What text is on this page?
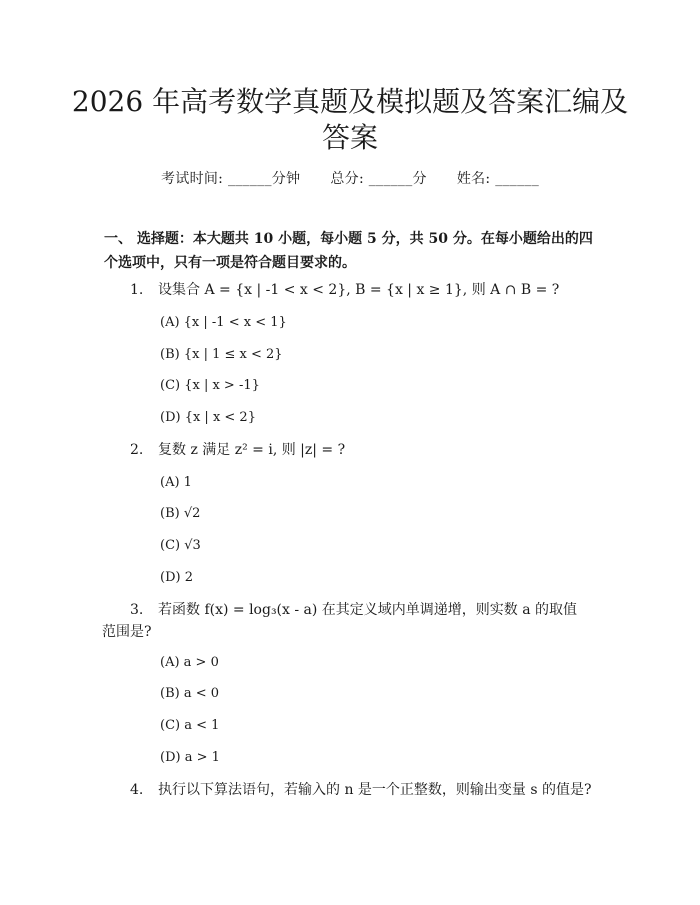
2026 年高考数学真题及模拟题及答案汇编及
答案
考试时间: ______分钟 总分: ______分 姓名: ______
一、 选择题：本大题共 10 小题，每小题 5 分，共 50 分。在每小题给出的四个选项中，只有一项是符合题目要求的。
1. 设集合 A = {x | -1 < x < 2}, B = {x | x ≥ 1}, 则 A ∩ B = ?
(A) {x | -1 < x < 1}
(B) {x | 1 ≤ x < 2}
(C) {x | x > -1}
(D) {x | x < 2}
2. 复数 z 满足 z² = i, 则 |z| = ?
(A) 1
(B) √2
(C) √3
(D) 2
3. 若函数 f(x) = log₃(x - a) 在其定义域内单调递增，则实数 a 的取值
范围是?
(A) a > 0
(B) a < 0
(C) a < 1
(D) a > 1
4. 执行以下算法语句，若输入的 n 是一个正整数，则输出变量 s 的值是?
